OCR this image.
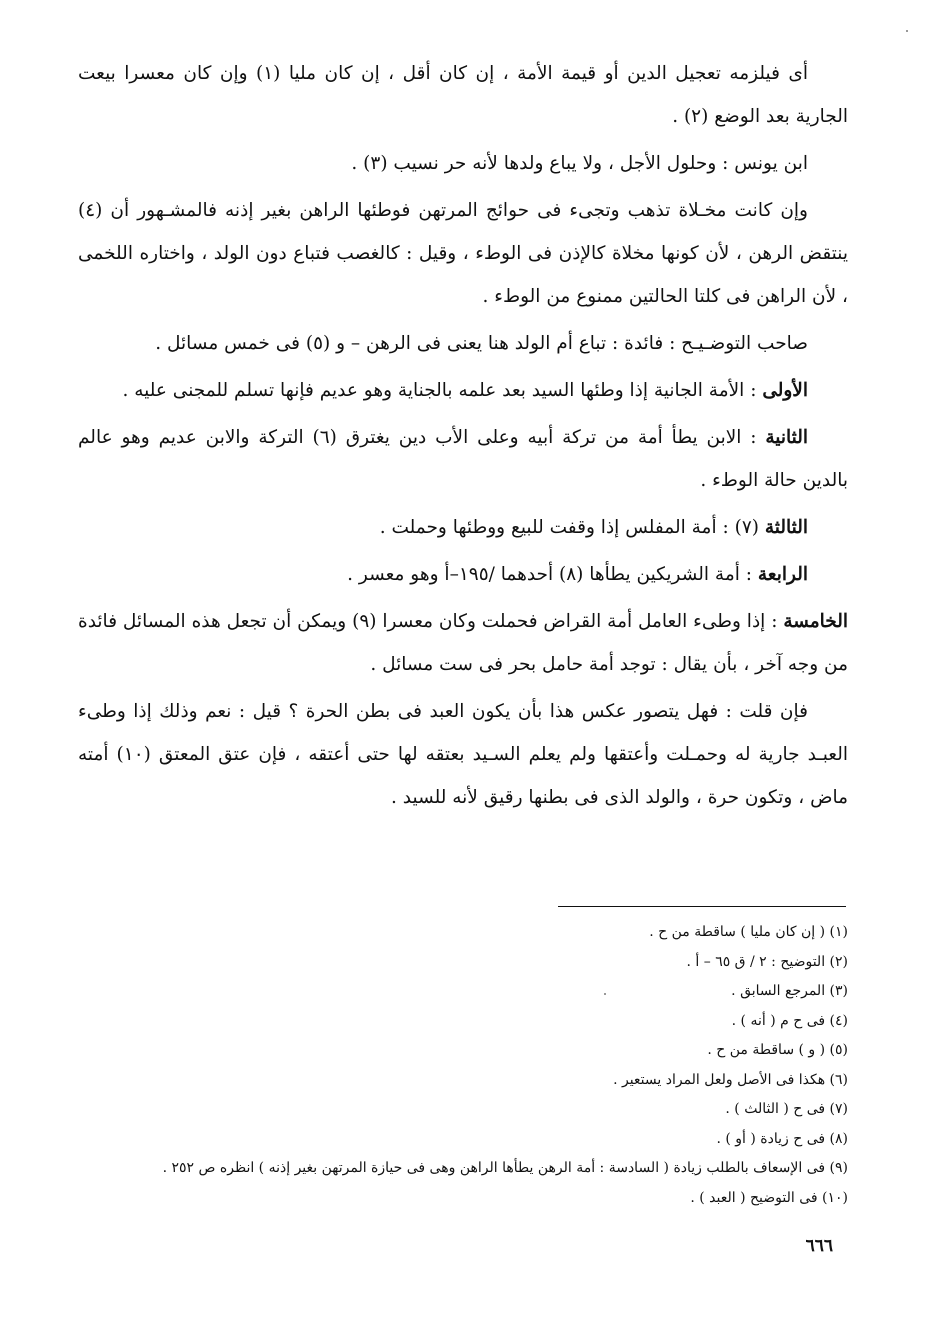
أى فيلزمه تعجيل الدين أو قيمة الأمة ، إن كان أقل ، إن كان مليا (١) وإن كان معسرا بيعت الجارية بعد الوضع (٢) .

ابن يونس : وحلول الأجل ، ولا يباع ولدها لأنه حر نسيب (٣) .

وإن كانت مخـلاة تذهب وتجىء فى حوائج المرتهن فوطئها الراهن بغير إذنه فالمشـهور أن (٤) ينتقض الرهن ، لأن كونها مخلاة كالإذن فى الوطء ، وقيل : كالغصب فتباع دون الولد ، واختاره اللخمى ، لأن الراهن فى كلتا الحالتين ممنوع من الوطء .

صاحب التوضـيـح : فائدة : تباع أم الولد هنا يعنى فى الرهن – و (٥) فى خمس مسائل .

الأولى : الأمة الجانية إذا وطئها السيد بعد علمه بالجناية وهو عديم فإنها تسلم للمجنى عليه .

الثانية : الابن يطأ أمة من تركة أبيه وعلى الأب دين يغترق (٦) التركة والابن عديم وهو عالم بالدين حالة الوطء .

الثالثة (٧) : أمة المفلس إذا وقفت للبيع ووطئها وحملت .

الرابعة : أمة الشريكين يطأها (٨) أحدهما /١٩٥–أ وهو معسر .

الخامسة : إذا وطىء العامل أمة القراض فحملت وكان معسرا (٩) ويمكن أن تجعل هذه المسائل فائدة من وجه آخر ، بأن يقال : توجد أمة حامل بحر فى ست مسائل .

فإن قلت : فهل يتصور عكس هذا بأن يكون العبد فى بطن الحرة ؟ قيل : نعم وذلك إذا وطىء العبـد جارية له وحمـلت وأعتقها ولم يعلم السـيد بعتقه لها حتى أعتقه ، فإن عتق المعتق (١٠) أمته ماض ، وتكون حرة ، والولد الذى فى بطنها رقيق لأنه للسيد .

(١) ( إن كان مليا ) ساقطة من ح .
(٢) التوضيح : ٢ / ق ٦٥ – أ .
(٣) المرجع السابق .
(٤) فى ح م ( أنه ) .
(٥) ( و ) ساقطة من ح .
(٦) هكذا فى الأصل ولعل المراد يستعير .
(٧) فى ح ( الثالث ) .
(٨) فى ح زيادة ( أو ) .
(٩) فى الإسعاف بالطلب زيادة ( السادسة : أمة الرهن يطأها الراهن وهى فى حيازة المرتهن بغير إذنه ) انظره ص ٢٥٢ .
(١٠) فى التوضيح ( العبد ) .
٦٦٦
